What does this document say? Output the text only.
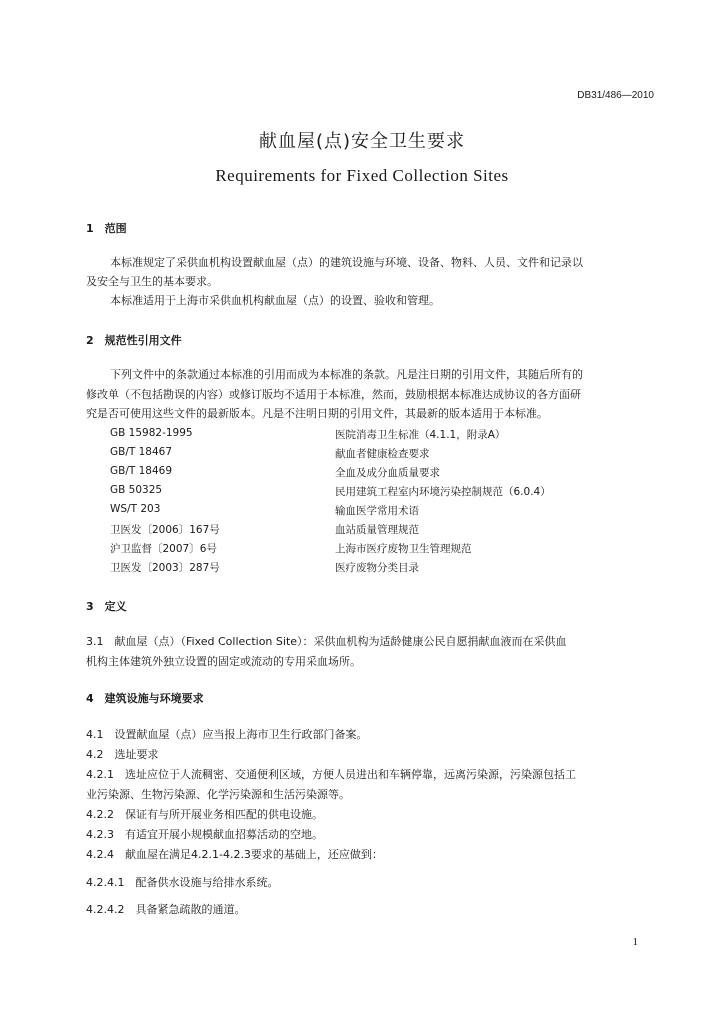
DB31/486—2010
献血屋(点)安全卫生要求
Requirements for Fixed Collection Sites
1　范围
本标准规定了采供血机构设置献血屋（点）的建筑设施与环境、设备、物料、人员、文件和记录以
及安全与卫生的基本要求。
本标准适用于上海市采供血机构献血屋（点）的设置、验收和管理。
2　规范性引用文件
下列文件中的条款通过本标准的引用而成为本标准的条款。凡是注日期的引用文件，其随后所有的
修改单（不包括勘误的内容）或修订版均不适用于本标准，然而，鼓励根据本标准达成协议的各方面研
究是否可使用这些文件的最新版本。凡是不注明日期的引用文件，其最新的版本适用于本标准。
GB 15982-1995	医院消毒卫生标准（4.1.1，附录A）
GB/T 18467	献血者健康检查要求
GB/T 18469	全血及成分血质量要求
GB 50325	民用建筑工程室内环境污染控制规范（6.0.4）
WS/T 203	输血医学常用术语
卫医发〔2006〕167号	血站质量管理规范
沪卫监督〔2007〕6号	上海市医疗废物卫生管理规范
卫医发〔2003〕287号	医疗废物分类目录
3　定义
3.1　献血屋（点）（Fixed Collection Site）：采供血机构为适龄健康公民自愿捐献血液而在采供血
机构主体建筑外独立设置的固定或流动的专用采血场所。
4　建筑设施与环境要求
4.1　设置献血屋（点）应当报上海市卫生行政部门备案。
4.2　选址要求
4.2.1　选址应位于人流稠密、交通便利区域，方便人员进出和车辆停靠，远离污染源，污染源包括工
业污染源、生物污染源、化学污染源和生活污染源等。
4.2.2　保证有与所开展业务相匹配的供电设施。
4.2.3　有适宜开展小规模献血招募活动的空地。
4.2.4　献血屋在满足4.2.1-4.2.3要求的基础上，还应做到：
4.2.4.1　配备供水设施与给排水系统。
4.2.4.2　具备紧急疏散的通道。
1
